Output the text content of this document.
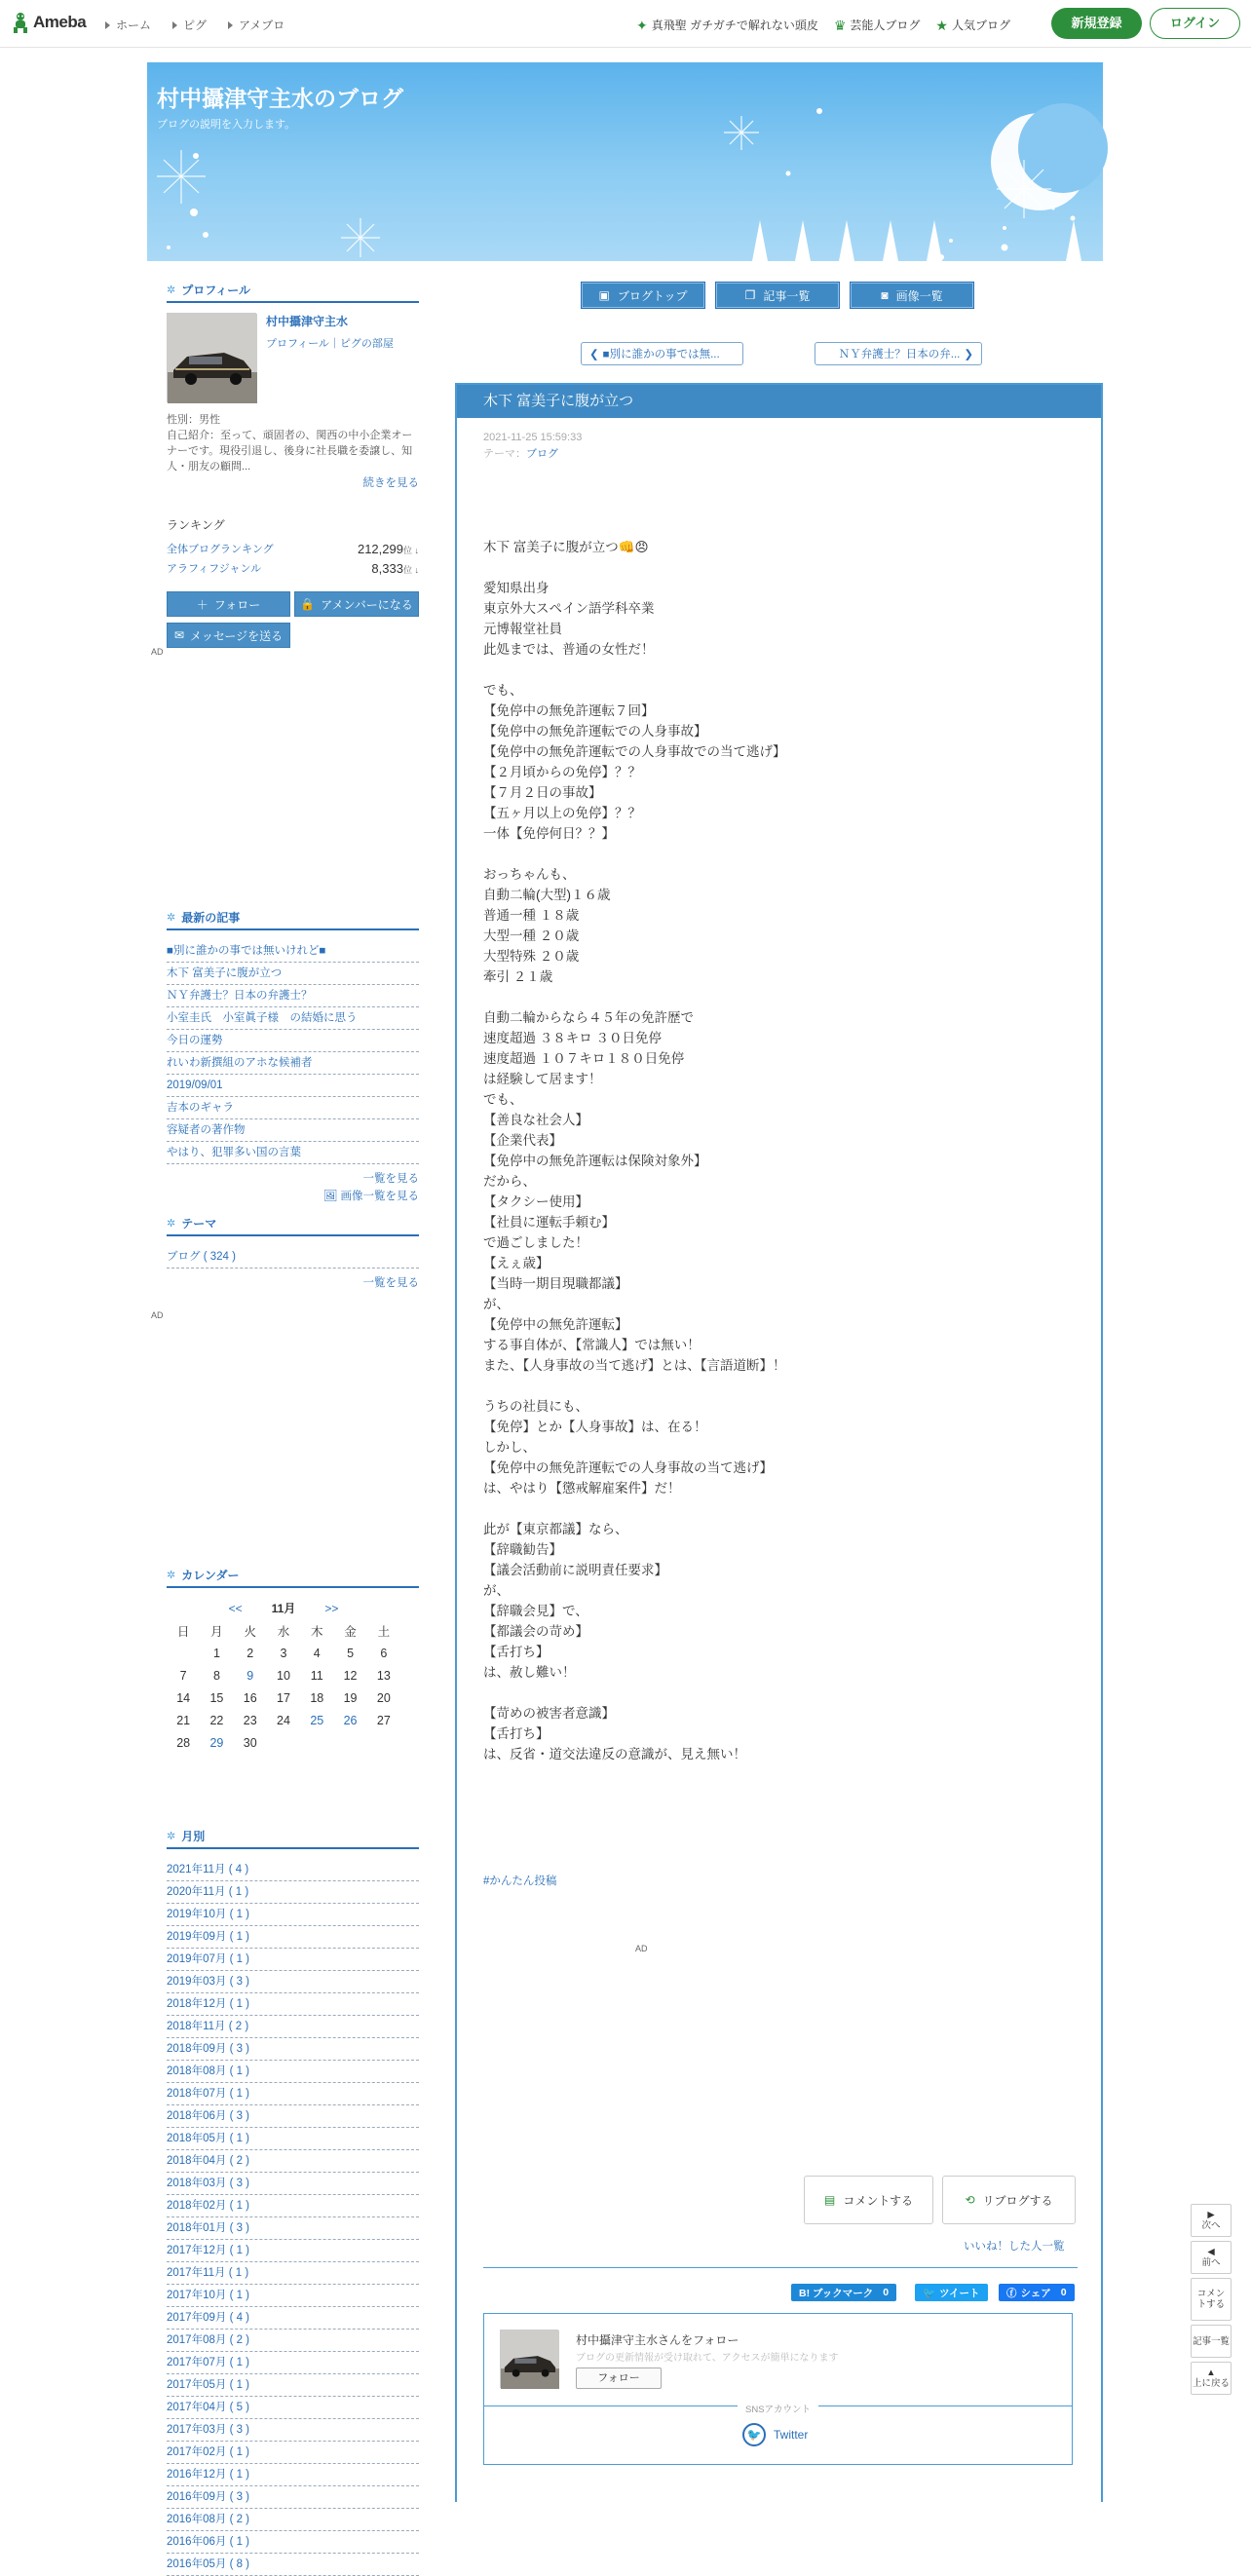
Ameba	ホーム	ピグ	アメブロ	✦ 真飛聖 ガチガチで解れない頭皮 ♛ 芸能人ブログ ★ 人気ブログ	新規登録	ログイン
村中攝津守主水のブログ
ブログの説明を入力します。
✲ プロフィール
村中攝津守主水
プロフィール｜ピグの部屋
性別：男性
自己紹介：至って、頑固者の、関西の中小企業オーナーです。現役引退し、後身に社長職を委譲し、知人・朋友の顧問...
続きを見る
ランキング
全体ブログランキング	212,299位 ↓
アラフィフジャンル	8,333位 ↓
＋ フォロー	🔒 アメンバーになる
✉ メッセージを送る
AD
✲ 最新の記事
■別に誰かの事では無いけれど■
木下 富美子に腹が立つ
ＮＹ弁護士？日本の弁護士？
小室圭氏　小室眞子様　の結婚に思う
今日の運勢
れいわ新撰組のアホな候補者
2019/09/01
吉本のギャラ
容疑者の著作物
やはり、犯罪多い国の言葉
一覧を見る
🖼 画像一覧を見る
✲ テーマ
ブログ ( 324 )
一覧を見る
AD
✲ カレンダー
<<	11月	>>
日	月	火	水	木	金	土
	1	2	3	4	5	6
7	8	9	10	11	12	13
14	15	16	17	18	19	20
21	22	23	24	25	26	27
28	29	30				
✲ 月別
2021年11月 ( 4 )
2020年11月 ( 1 )
2019年10月 ( 1 )
2019年09月 ( 1 )
2019年07月 ( 1 )
2019年03月 ( 3 )
2018年12月 ( 1 )
2018年11月 ( 2 )
2018年09月 ( 3 )
2018年08月 ( 1 )
2018年07月 ( 1 )
2018年06月 ( 3 )
2018年05月 ( 1 )
2018年04月 ( 2 )
2018年03月 ( 3 )
2018年02月 ( 1 )
2018年01月 ( 3 )
2017年12月 ( 1 )
2017年11月 ( 1 )
2017年10月 ( 1 )
2017年09月 ( 4 )
2017年08月 ( 2 )
2017年07月 ( 1 )
2017年05月 ( 1 )
2017年04月 ( 5 )
2017年03月 ( 3 )
2017年02月 ( 1 )
2016年12月 ( 1 )
2016年09月 ( 3 )
2016年08月 ( 2 )
2016年06月 ( 1 )
2016年05月 ( 8 )
▣ ブログトップ	❐ 記事一覧	◙ 画像一覧
❮ ■別に誰かの事では無...	ＮＹ弁護士？日本の弁... ❯
木下 富美子に腹が立つ
2021-11-25 15:59:33
テーマ：ブログ
木下 富美子に腹が立つ👊😠

愛知県出身
東京外大スペイン語学科卒業
元博報堂社員
此処までは、普通の女性だ！

でも、
【免停中の無免許運転７回】
【免停中の無免許運転での人身事故】
【免停中の無免許運転での人身事故での当て逃げ】
【２月頃からの免停】？？
【７月２日の事故】
【五ヶ月以上の免停】？？
一体【免停何日？？】

おっちゃんも、
自動二輪(大型)１６歳
普通一種 １８歳
大型一種 ２０歳
大型特殊 ２０歳
牽引 ２１歳

自動二輪からなら４５年の免許歴で
速度超過 ３８キロ ３０日免停
速度超過 １０７キロ１８０日免停
は経験して居ます！
でも、
【善良な社会人】
【企業代表】
【免停中の無免許運転は保険対象外】
だから、
【タクシー使用】
【社員に運転手頼む】
で過ごしました！
【えぇ歳】
【当時一期目現職都議】
が、
【免停中の無免許運転】
する事自体が、【常識人】では無い！
また、【人身事故の当て逃げ】とは、【言語道断】！

うちの社員にも、
【免停】とか【人身事故】は、在る！
しかし、
【免停中の無免許運転での人身事故の当て逃げ】
は、やはり【懲戒解雇案件】だ！

此が【東京都議】なら、
【辞職勧告】
【議会活動前に説明責任要求】
が、
【辞職会見】で、
【都議会の苛め】
【舌打ち】
は、赦し難い！

【苛めの被害者意識】
【舌打ち】
は、反省・道交法違反の意識が、見え無い！
#かんたん投稿
AD
▤ コメントする	⟲ リブログする
いいね！した人一覧
B! ブックマーク 0	🐦 ツイート	ⓕ シェア 0
村中攝津守主水さんをフォロー
ブログの更新情報が受け取れて、アクセスが簡単になります
フォロー
SNSアカウント
🐦	Twitter
▶
次へ
◀
前へ
コメントする
記事一覧
▲
上に戻る
